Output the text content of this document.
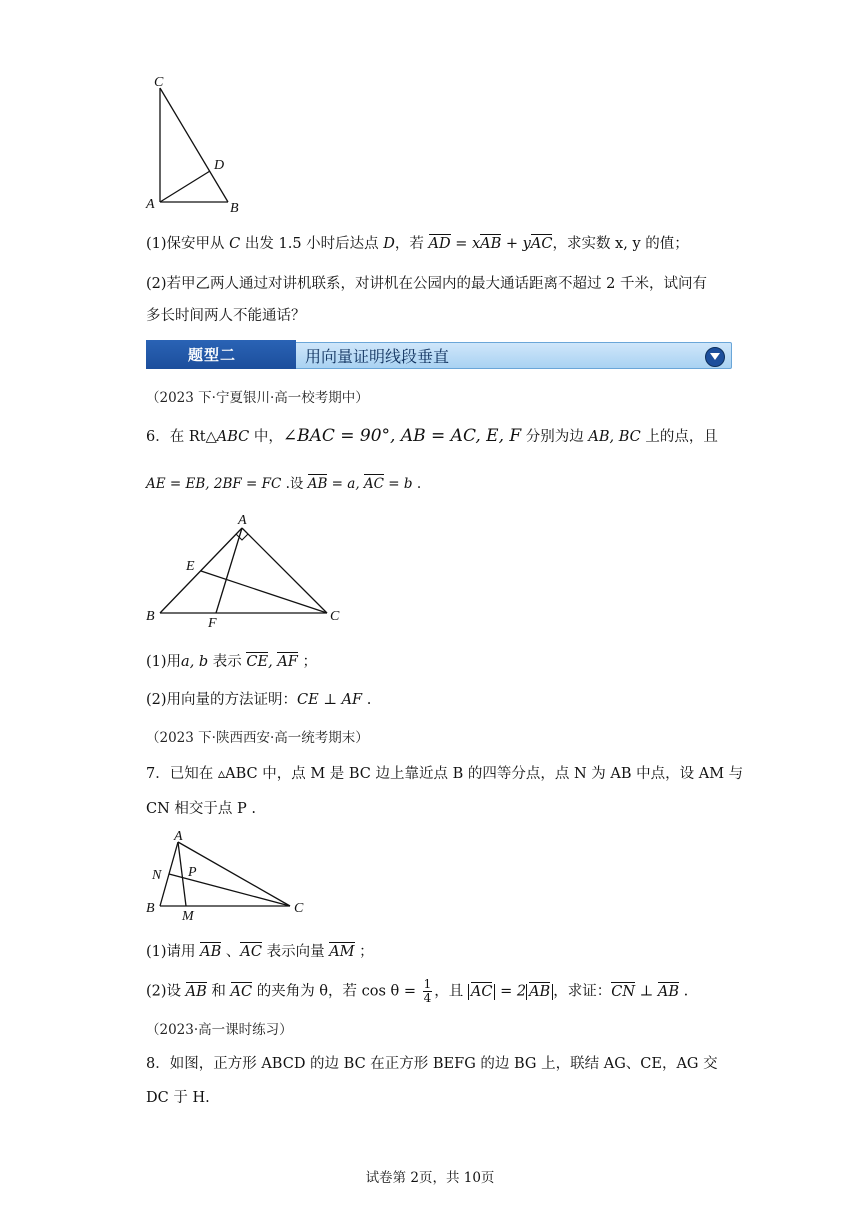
C
D
A	B
(1)保安甲从 C 出发 1.5 小时后达点 D，若 AD = xAB + yAC，求实数 x, y 的值；
(2)若甲乙两人通过对讲机联系，对讲机在公园内的最大通话距离不超过 2 千米，试问有
多长时间两人不能通话？
用向量证明线段垂直
题型二
（2023 下·宁夏银川·高一校考期中）
6．在 Rt△ABC 中，∠BAC = 90°, AB = AC, E, F 分别为边 AB, BC 上的点，且
AE = EB, 2BF = FC .设 AB = a, AC = b .
A
E
B	F	C
(1)用a, b 表示 CE, AF ；
(2)用向量的方法证明：CE ⊥ AF .
（2023 下·陕西西安·高一统考期末）
7．已知在 ▵ABC 中，点 M 是 BC 边上靠近点 B 的四等分点，点 N 为 AB 中点，设 AM 与
CN 相交于点 P .
A
N P
B
M
C
(1)请用 AB 、AC 表示向量 AM ；
(2)设 AB 和 AC 的夹角为 θ，若 $\cos \theta = \frac{1}{4}$ ，且 AC = 2 AB ，求证：CN ⊥ AB .
（2023·高一课时练习）
8．如图，正方形 ABCD 的边 BC 在正方形 BEFG 的边 BG 上，联结 AG、CE，AG 交
DC 于 H.
试卷第 2页，共 10页
